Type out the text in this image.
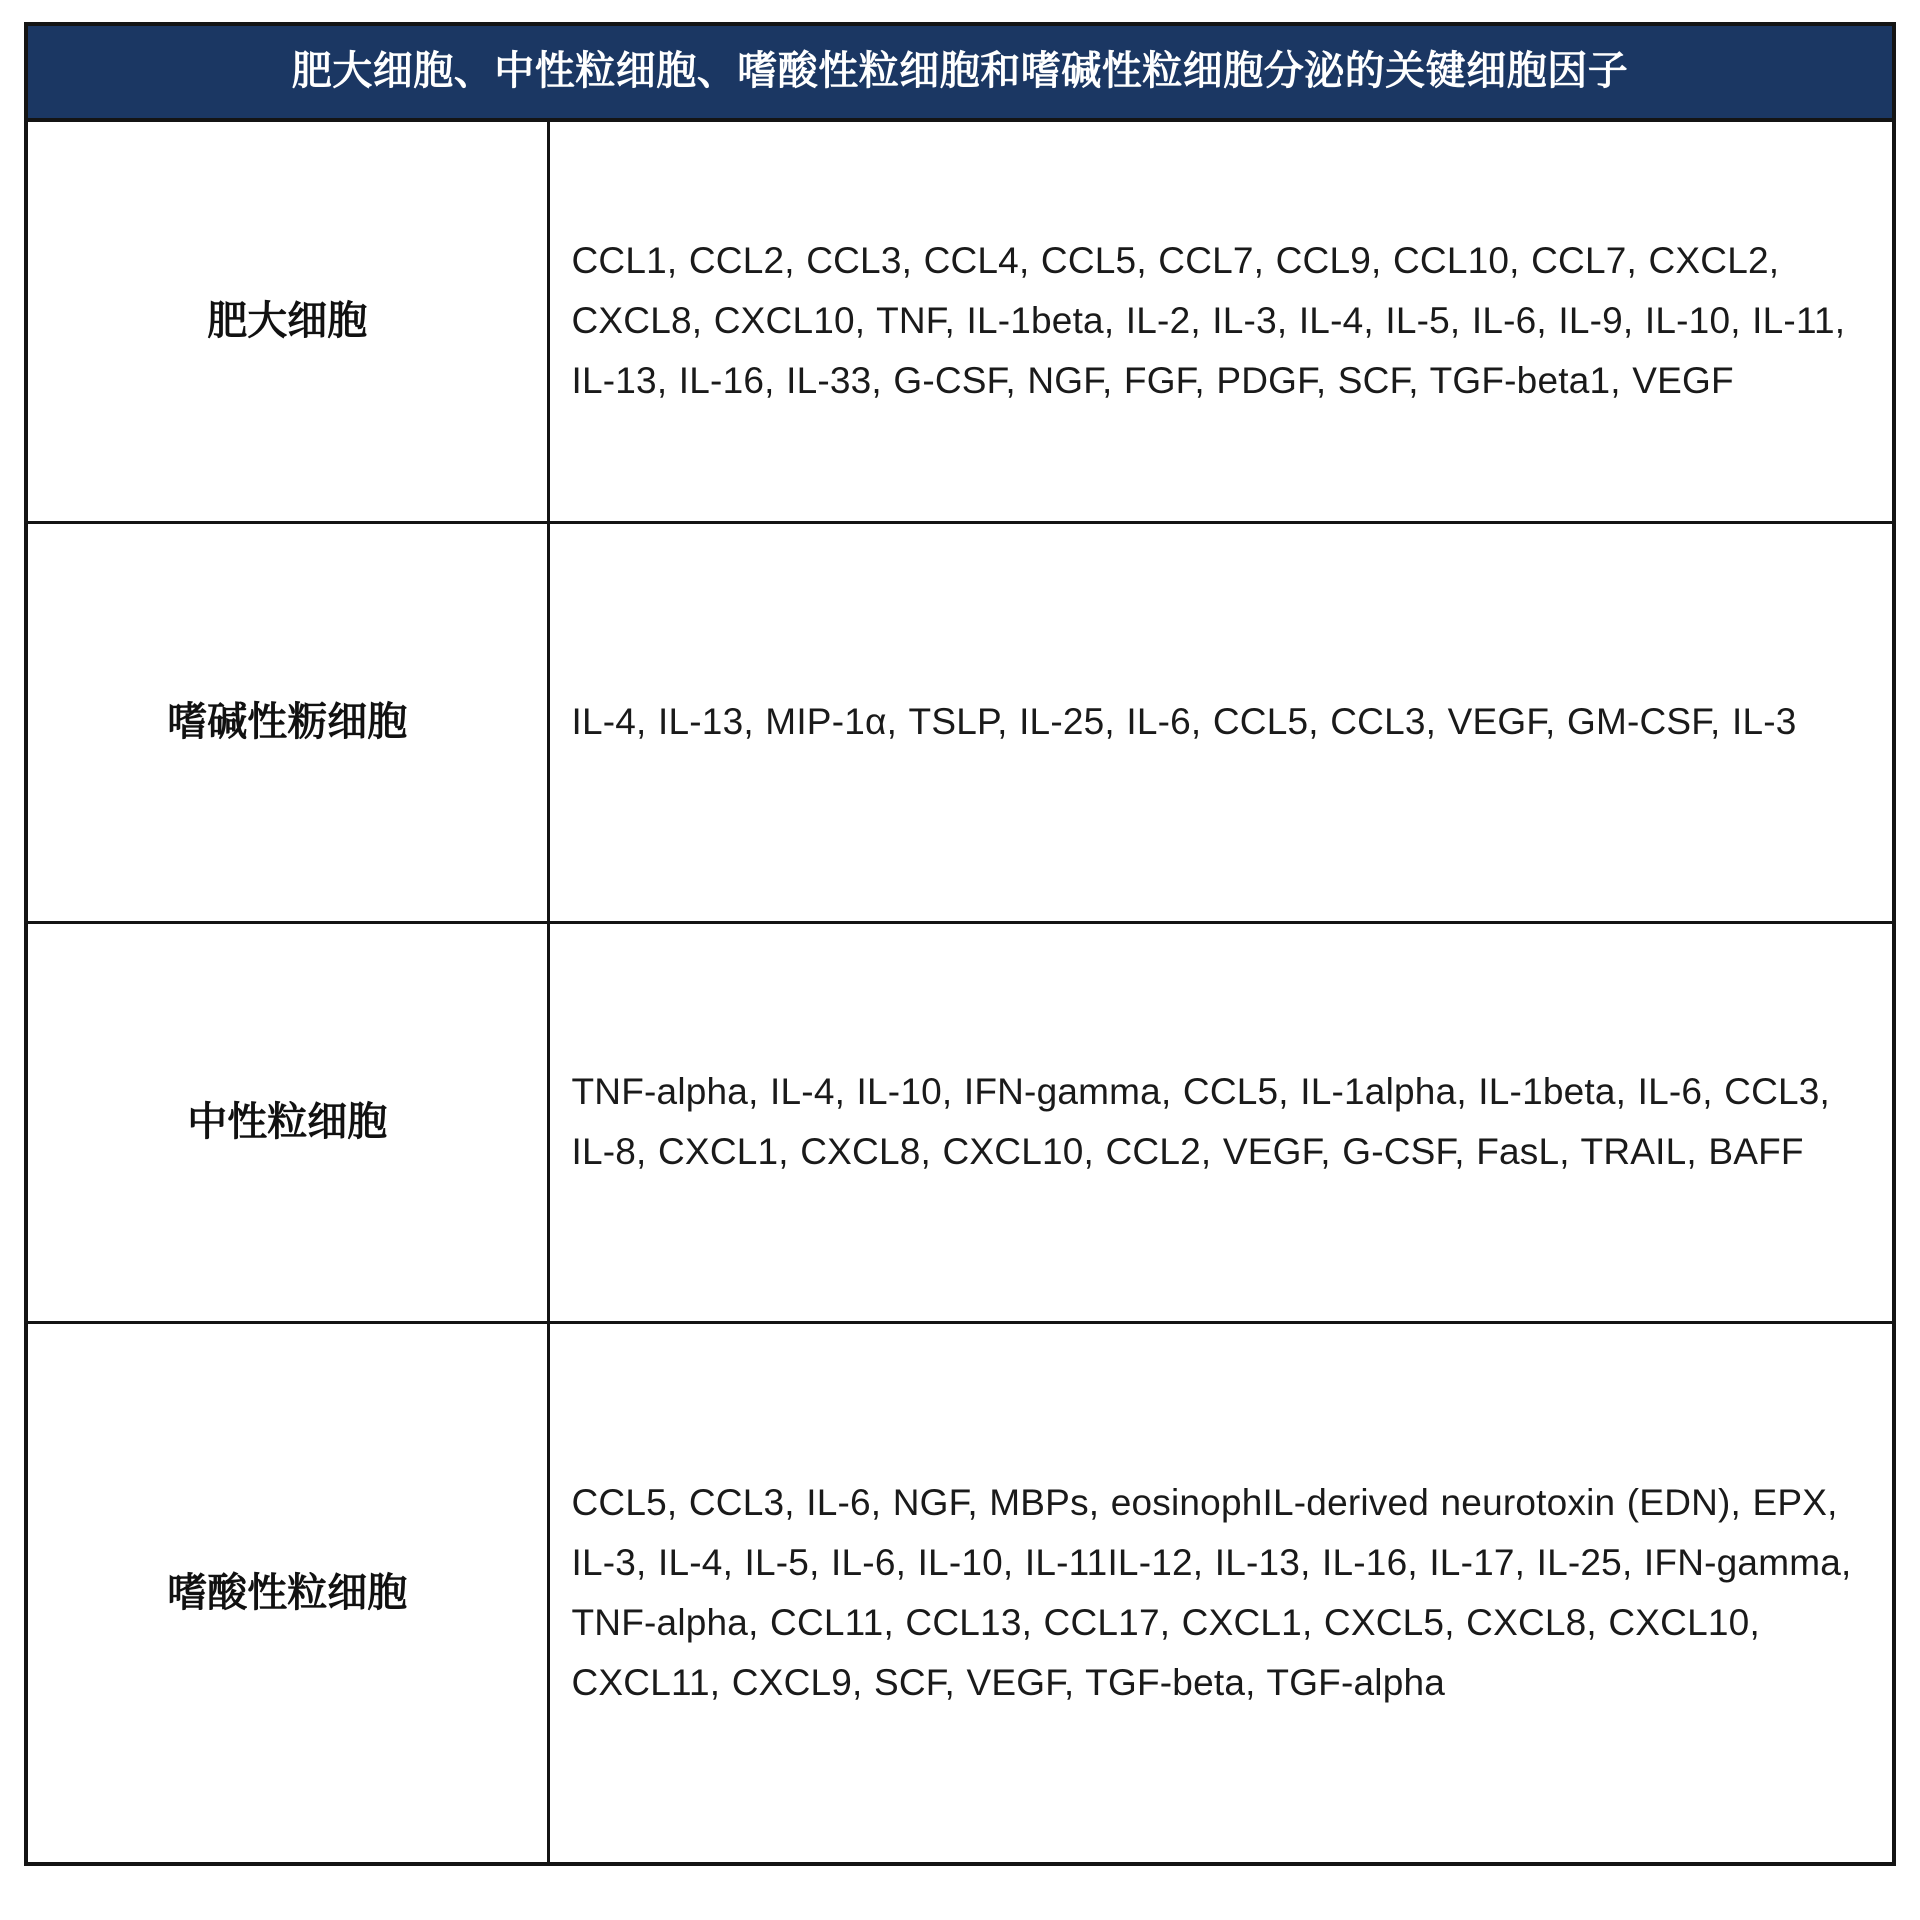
肥大细胞、中性粒细胞、嗜酸性粒细胞和嗜碱性粒细胞分泌的关键细胞因子
肥大细胞	CCL1, CCL2, CCL3, CCL4, CCL5, CCL7, CCL9, CCL10, CCL7, CXCL2, CXCL8, CXCL10, TNF, IL-1beta, IL-2, IL-3, IL-4, IL-5, IL-6, IL-9, IL-10, IL-11, IL-13, IL-16, IL-33, G-CSF, NGF, FGF, PDGF, SCF, TGF-beta1, VEGF
嗜碱性粝细胞	IL-4, IL-13, MIP-1α, TSLP, IL-25, IL-6, CCL5, CCL3, VEGF, GM-CSF, IL-3
中性粒细胞	TNF-alpha, IL-4, IL-10, IFN-gamma, CCL5, IL-1alpha, IL-1beta, IL-6, CCL3, IL-8, CXCL1, CXCL8, CXCL10, CCL2, VEGF, G-CSF, FasL, TRAIL, BAFF
嗜酸性粒细胞	CCL5, CCL3, IL-6, NGF, MBPs, eosinophIL-derived neurotoxin (EDN), EPX, IL-3, IL-4, IL-5, IL-6, IL-10, IL-11IL-12, IL-13, IL-16, IL-17, IL-25, IFN-gamma, TNF-alpha, CCL11, CCL13, CCL17, CXCL1, CXCL5, CXCL8, CXCL10, CXCL11, CXCL9, SCF, VEGF, TGF-beta, TGF-alpha
